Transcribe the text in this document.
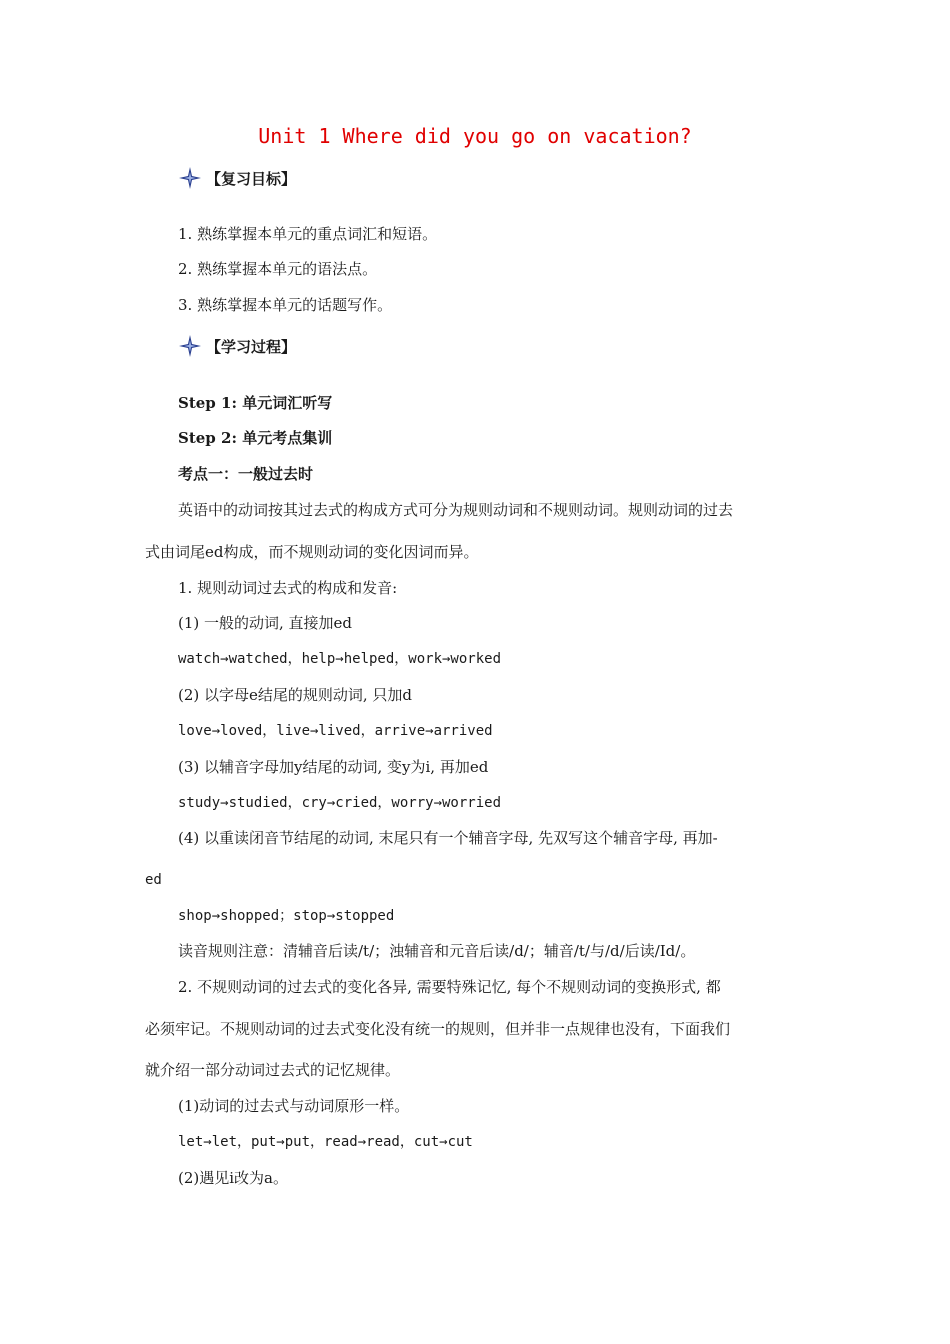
Unit 1 Where did you go on vacation?
【复习目标】
1. 熟练掌握本单元的重点词汇和短语。
2. 熟练掌握本单元的语法点。
3. 熟练掌握本单元的话题写作。
【学习过程】
Step 1: 单元词汇听写
Step 2: 单元考点集训
考点一：一般过去时
英语中的动词按其过去式的构成方式可分为规则动词和不规则动词。规则动词的过去
式由词尾ed构成，而不规则动词的变化因词而异。
1. 规则动词过去式的构成和发音:
(1) 一般的动词, 直接加ed
watch→watched，help→helped，work→worked
(2) 以字母e结尾的规则动词, 只加d
love→loved，live→lived，arrive→arrived
(3) 以辅音字母加y结尾的动词, 变y为i, 再加ed
study→studied，cry→cried，worry→worried
(4) 以重读闭音节结尾的动词, 末尾只有一个辅音字母, 先双写这个辅音字母, 再加-
ed
shop→shopped；stop→stopped
读音规则注意：清辅音后读/t/；浊辅音和元音后读/d/；辅音/t/与/d/后读/Id/。
2. 不规则动词的过去式的变化各异, 需要特殊记忆, 每个不规则动词的变换形式, 都
必须牢记。不规则动词的过去式变化没有统一的规则，但并非一点规律也没有，下面我们
就介绍一部分动词过去式的记忆规律。
(1)动词的过去式与动词原形一样。
let→let，put→put，read→read，cut→cut
(2)遇见i改为a。
